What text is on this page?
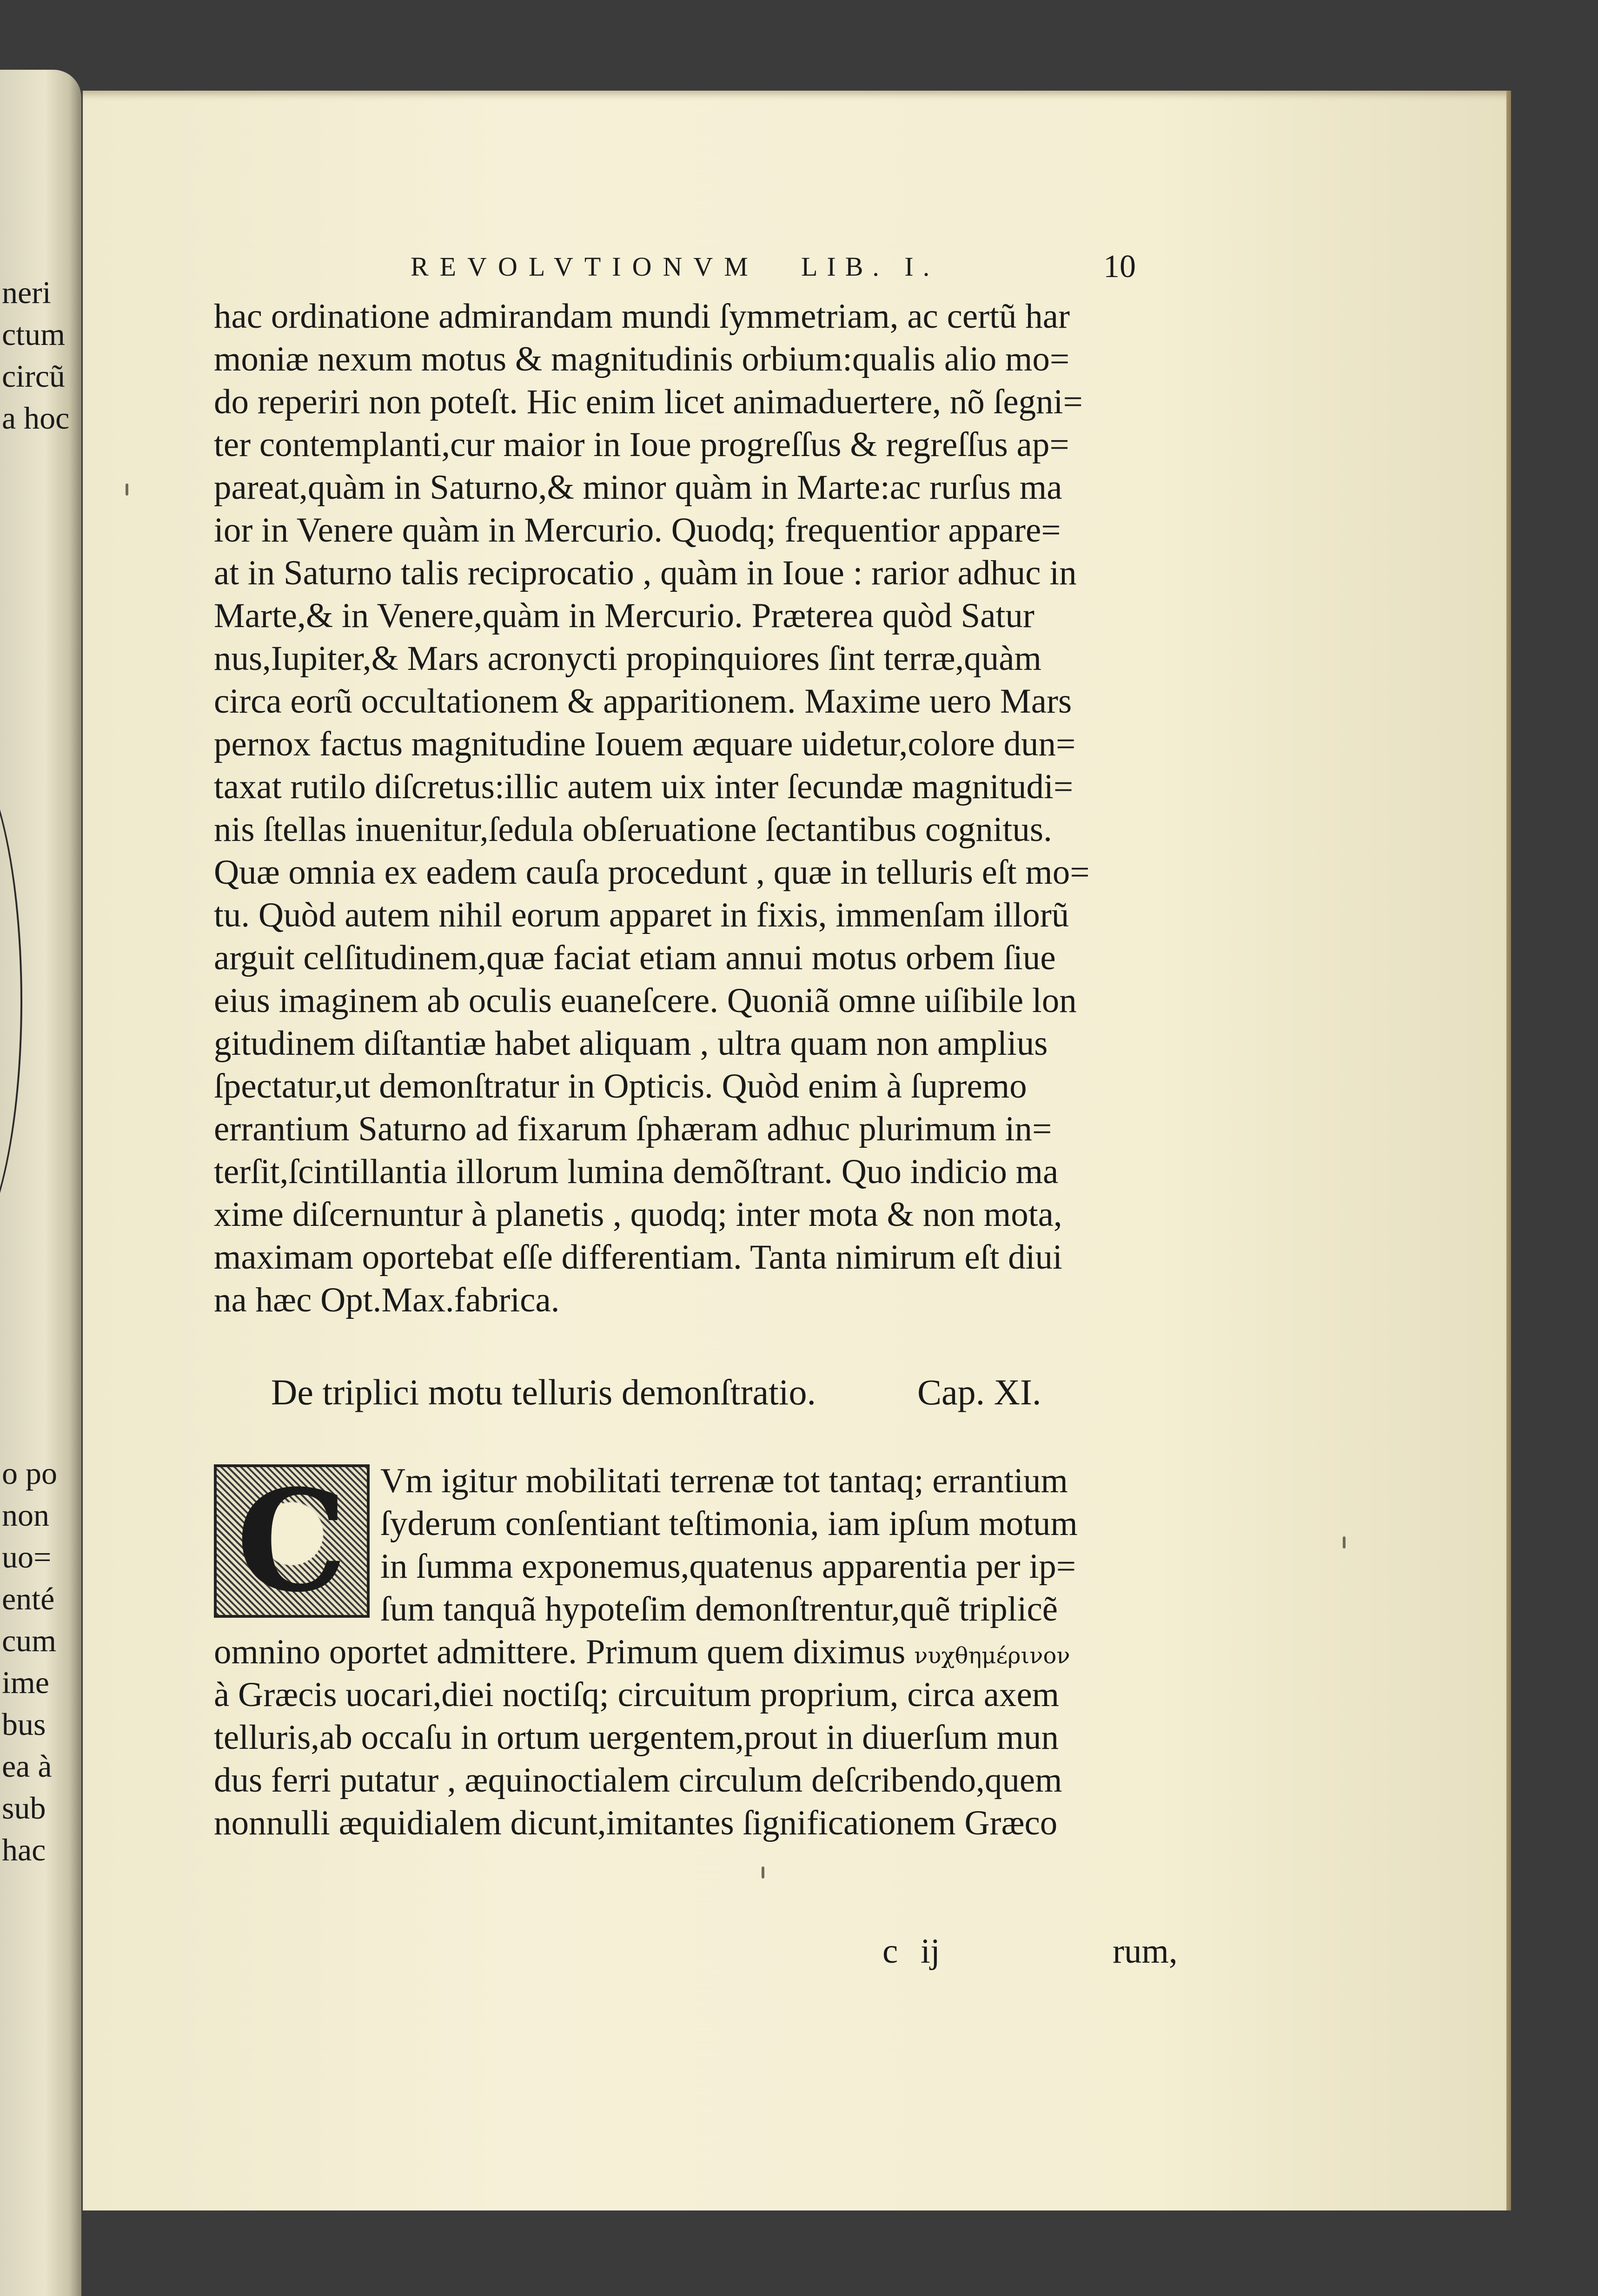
neri
ctum
circũ
a hoc
o po
non
uo=
enté
cum
ime
bus
ea à
sub
hac
REVOLVTIONVM LIB. I.	10
hac ordinatione admirandam mundi ſymmetriam, ac certũ har
moniæ nexum motus & magnitudinis orbium:qualis alio mo=
do reperiri non poteſt. Hic enim licet animaduertere, nõ ſegni=
ter contemplanti,cur maior in Ioue progreſſus & regreſſus ap=
pareat,quàm in Saturno,& minor quàm in Marte:ac rurſus ma
ior in Venere quàm in Mercurio. Quodq; frequentior appare=
at in Saturno talis reciprocatio , quàm in Ioue : rarior adhuc in
Marte,& in Venere,quàm in Mercurio. Præterea quòd Satur
nus,Iupiter,& Mars acronycti propinquiores ſint terræ,quàm
circa eorũ occultationem & apparitionem. Maxime uero Mars
pernox factus magnitudine Iouem æquare uidetur,colore dun=
taxat rutilo diſcretus:illic autem uix inter ſecundæ magnitudi=
nis ſtellas inuenitur,ſedula obſeruatione ſectantibus cognitus.
Quæ omnia ex eadem cauſa procedunt , quæ in telluris eſt mo=
tu. Quòd autem nihil eorum apparet in fixis, immenſam illorũ
arguit celſitudinem,quæ faciat etiam annui motus orbem ſiue
eius imaginem ab oculis euaneſcere. Quoniã omne uiſibile lon
gitudinem diſtantiæ habet aliquam , ultra quam non amplius
ſpectatur,ut demonſtratur in Opticis. Quòd enim à ſupremo
errantium Saturno ad fixarum ſphæram adhuc plurimum in=
terſit,ſcintillantia illorum lumina demõſtrant. Quo indicio ma
xime diſcernuntur à planetis , quodq; inter mota & non mota,
maximam oportebat eſſe differentiam. Tanta nimirum eſt diui
na hæc Opt.Max.fabrica.
De triplici motu telluris demonſtratio.	Cap. XI.
C Vm igitur mobilitati terrenæ tot tantaq; errantium
ſyderum conſentiant teſtimonia, iam ipſum motum
in ſumma exponemus,quatenus apparentia per ip=
ſum tanquã hypoteſim demonſtrentur,quẽ triplicẽ
omnino oportet admittere. Primum quem diximus νυχθημέρινον
à Græcis uocari,diei noctiſq; circuitum proprium, circa axem
telluris,ab occaſu in ortum uergentem,prout in diuerſum mun
dus ferri putatur , æquinoctialem circulum deſcribendo,quem
nonnulli æquidialem dicunt,imitantes ſignificationem Græco
c ij	rum,
